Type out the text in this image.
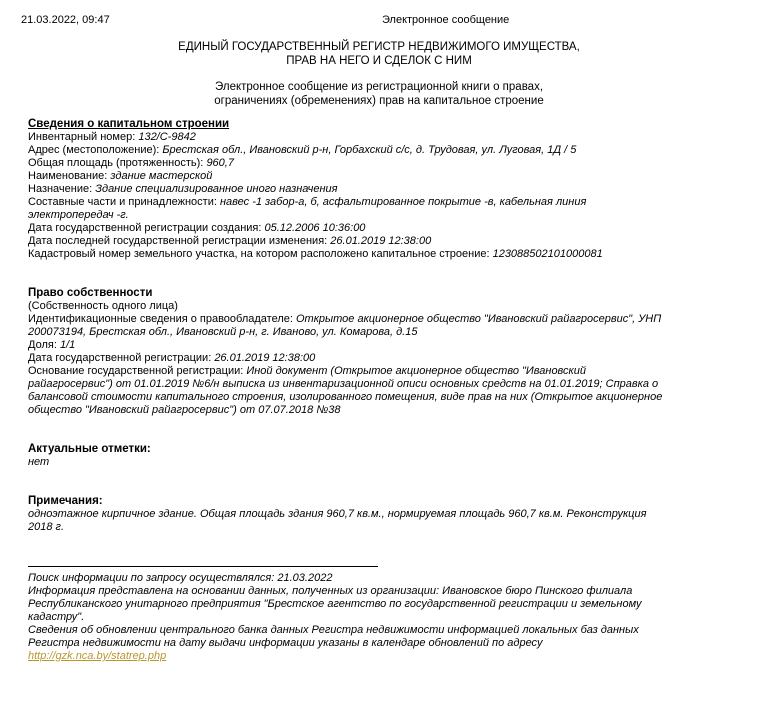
21.03.2022, 09:47	Электронное сообщение
ЕДИНЫЙ ГОСУДАРСТВЕННЫЙ РЕГИСТР НЕДВИЖИМОГО ИМУЩЕСТВА,
ПРАВ НА НЕГО И СДЕЛОК С НИМ
Электронное сообщение из регистрационной книги о правах,
ограничениях (обременениях) прав на капитальное строение
Сведения о капитальном строении
Инвентарный номер: 132/C-9842
Адрес (местоположение): Брестская обл., Ивановский р-н, Горбахский с/с, д. Трудовая, ул. Луговая, 1Д / 5
Общая площадь (протяженность): 960,7
Наименование: здание мастерской
Назначение: Здание специализированное иного назначения
Составные части и принадлежности: навес -1 забор-а, б, асфальтированное покрытие -в, кабельная линия
электропередач -г.
Дата государственной регистрации создания: 05.12.2006 10:36:00
Дата последней государственной регистрации изменения: 26.01.2019 12:38:00
Кадастровый номер земельного участка, на котором расположено капитальное строение: 123088502101000081
Право собственности
(Собственность одного лица)
Идентификационные сведения о правообладателе: Открытое акционерное общество "Ивановский райагросервис", УНП
200073194, Брестская обл., Ивановский р-н, г. Иваново, ул. Комарова, д.15
Доля: 1/1
Дата государственной регистрации: 26.01.2019 12:38:00
Основание государственной регистрации: Иной документ (Открытое акционерное общество "Ивановский
райагросервис") от 01.01.2019 №6/н выписка из инвентаризационной описи основных средств на 01.01.2019; Справка о
балансовой стоимости капитального строения, изолированного помещения, виде прав на них (Открытое акционерное
общество "Ивановский райагросервис") от 07.07.2018 №38
Актуальные отметки:
нет
Примечания:
одноэтажное кирпичное здание. Общая площадь здания 960,7 кв.м., нормируемая площадь 960,7 кв.м. Реконструкция
2018 г.
Поиск информации по запросу осуществлялся: 21.03.2022
Информация представлена на основании данных, полученных из организации: Ивановское бюро Пинского филиала
Республиканского унитарного предприятия "Брестское агентство по государственной регистрации и земельному
кадастру".
Сведения об обновлении центрального банка данных Регистра недвижимости информацией локальных баз данных
Регистра недвижимости на дату выдачи информации указаны в календаре обновлений по адресу
http://gzk.nca.by/statrep.php
